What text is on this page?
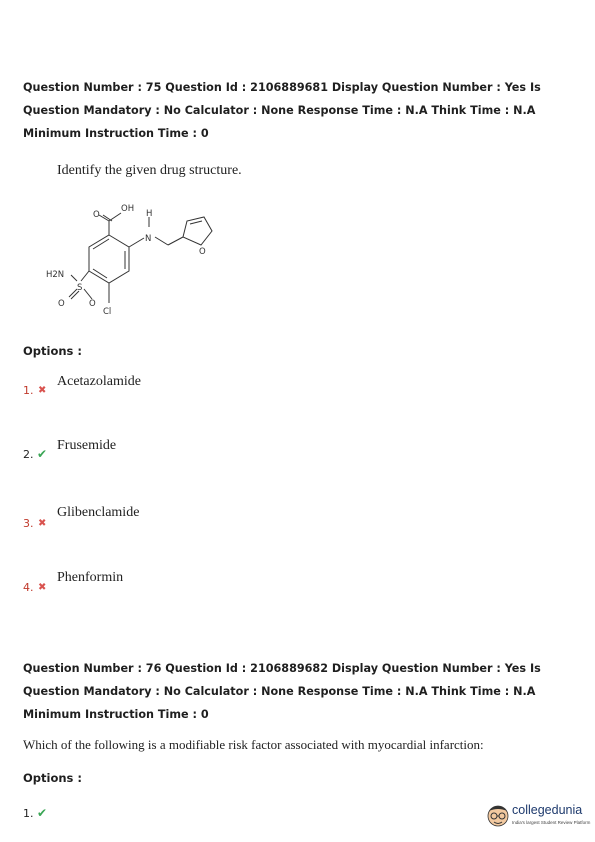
Question Number : 75 Question Id : 2106889681 Display Question Number : Yes Is Question Mandatory : No Calculator : None Response Time : N.A Think Time : N.A Minimum Instruction Time : 0
Identify the given drug structure.
O
OH H
N
H2N
S
O	O
Cl
O
Options :
1. ✖
Acetazolamide
2. ✔
Frusemide
3. ✖
Glibenclamide
4. ✖
Phenformin
Question Number : 76 Question Id : 2106889682 Display Question Number : Yes Is Question Mandatory : No Calculator : None Response Time : N.A Think Time : N.A Minimum Instruction Time : 0
Which of the following is a modifiable risk factor associated with myocardial infarction:
Options :
1. ✔	collegedunia
India's largest Student Review Platform
